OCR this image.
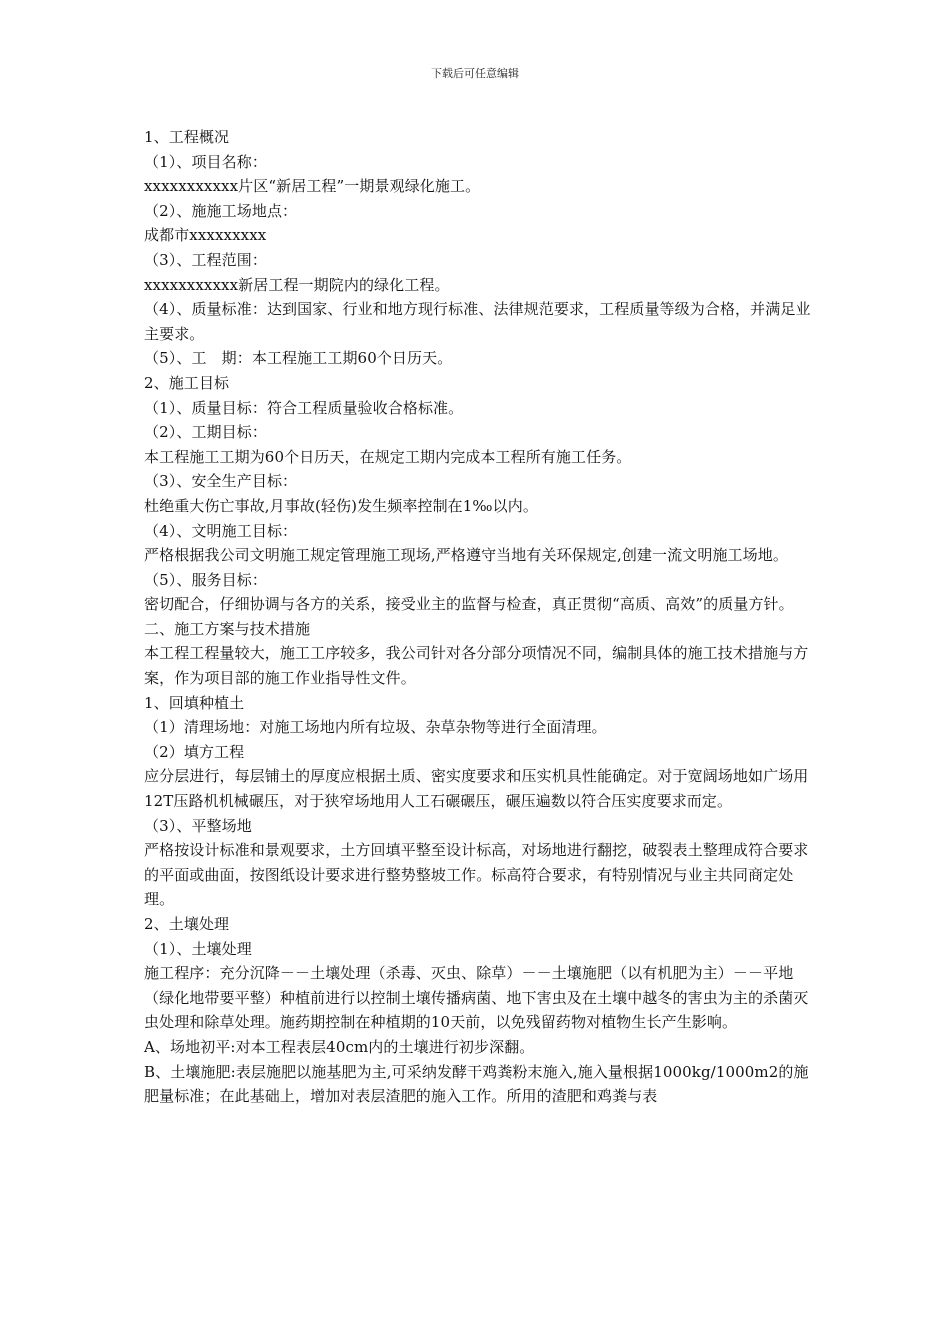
下载后可任意编辑

1、工程概况

（1）、项目名称：

xxxxxxxxxxx片区“新居工程”一期景观绿化施工。

（2）、施施工场地点：

成都市xxxxxxxxx

（3）、工程范围：

xxxxxxxxxxx新居工程一期院内的绿化工程。

（4）、质量标准：达到国家、行业和地方现行标准、法律规范要求，工程质量等级为合格，并满足业主要求。

（5）、工　期：本工程施工工期60个日历天。

2、施工目标

（1）、质量目标：符合工程质量验收合格标准。

（2）、工期目标：

本工程施工工期为60个日历天，在规定工期内完成本工程所有施工任务。

（3）、安全生产目标：

杜绝重大伤亡事故,月事故(轻伤)发生频率控制在1‰以内。

（4）、文明施工目标：

严格根据我公司文明施工规定管理施工现场,严格遵守当地有关环保规定,创建一流文明施工场地。

（5）、服务目标：

密切配合，仔细协调与各方的关系，接受业主的监督与检查，真正贯彻“高质、高效”的质量方针。

二、施工方案与技术措施

本工程工程量较大，施工工序较多，我公司针对各分部分项情况不同，编制具体的施工技术措施与方案，作为项目部的施工作业指导性文件。

1、回填种植土

（1）清理场地：对施工场地内所有垃圾、杂草杂物等进行全面清理。

（2）填方工程

应分层进行，每层铺土的厚度应根据土质、密实度要求和压实机具性能确定。对于宽阔场地如广场用12T压路机机械碾压，对于狭窄场地用人工石碾碾压，碾压遍数以符合压实度要求而定。

（3）、平整场地

严格按设计标准和景观要求，土方回填平整至设计标高，对场地进行翻挖，破裂表土整理成符合要求的平面或曲面，按图纸设计要求进行整势整坡工作。标高符合要求，有特别情况与业主共同商定处理。

2、土壤处理

（1）、土壤处理

施工程序：充分沉降－－土壤处理（杀毒、灭虫、除草）－－土壤施肥（以有机肥为主）－－平地（绿化地带要平整）种植前进行以控制土壤传播病菌、地下害虫及在土壤中越冬的害虫为主的杀菌灭虫处理和除草处理。施药期控制在种植期的10天前，以免残留药物对植物生长产生影响。

A、场地初平:对本工程表层40cm内的土壤进行初步深翻。

B、土壤施肥:表层施肥以施基肥为主,可采纳发酵干鸡粪粉末施入,施入量根据1000kg/1000m2的施肥量标准；在此基础上，增加对表层渣肥的施入工作。所用的渣肥和鸡粪与表
